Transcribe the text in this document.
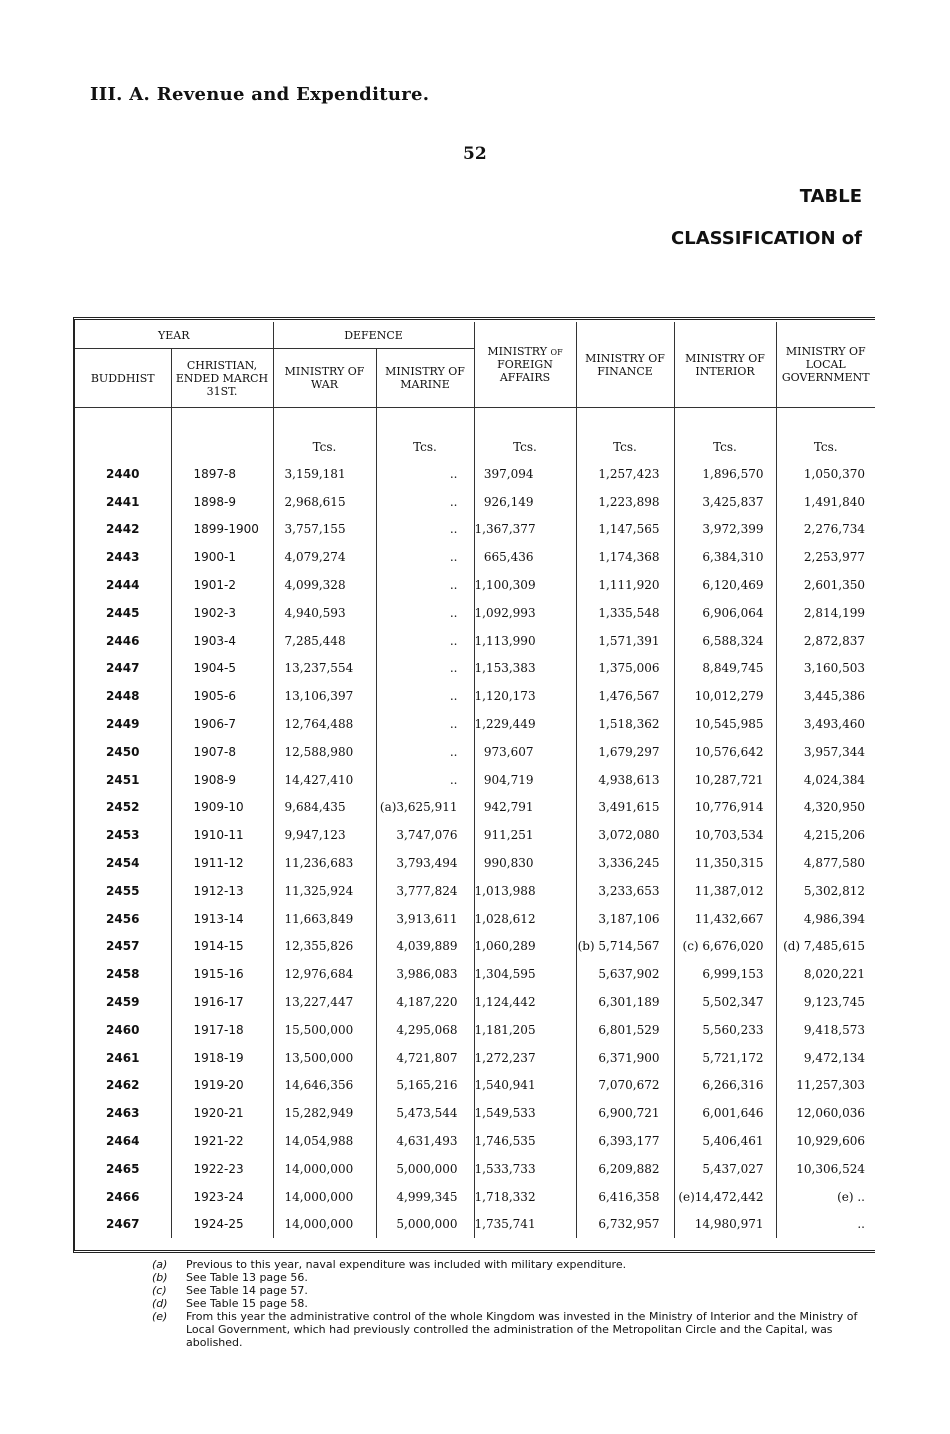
III. A. Revenue and Expenditure.
52
TABLE
CLASSIFICATION of
YEAR		DEFENCE		MINISTRY of FOREIGN AFFAIRS	MINISTRY OF FINANCE	MINISTRY OF INTERIOR	MINISTRY OF LOCAL GOVERNMENT
BUDDHIST	CHRISTIAN, ENDED MARCH 31ST.	MINISTRY OF WAR	MINISTRY OF MARINE				

		Tcs.	Tcs.	Tcs.	Tcs.	Tcs.	Tcs.
2440	1897-8	3,159,181	..	397,094	1,257,423	1,896,570	1,050,370
2441	1898-9	2,968,615	..	926,149	1,223,898	3,425,837	1,491,840
2442	1899-1900	3,757,155	..	1,367,377	1,147,565	3,972,399	2,276,734
2443	1900-1	4,079,274	..	665,436	1,174,368	6,384,310	2,253,977
2444	1901-2	4,099,328	..	1,100,309	1,111,920	6,120,469	2,601,350
2445	1902-3	4,940,593	..	1,092,993	1,335,548	6,906,064	2,814,199
2446	1903-4	7,285,448	..	1,113,990	1,571,391	6,588,324	2,872,837
2447	1904-5	13,237,554	..	1,153,383	1,375,006	8,849,745	3,160,503
2448	1905-6	13,106,397	..	1,120,173	1,476,567	10,012,279	3,445,386
2449	1906-7	12,764,488	..	1,229,449	1,518,362	10,545,985	3,493,460
2450	1907-8	12,588,980	..	973,607	1,679,297	10,576,642	3,957,344
2451	1908-9	14,427,410	..	904,719	4,938,613	10,287,721	4,024,384
2452	1909-10	9,684,435	(a)3,625,911	942,791	3,491,615	10,776,914	4,320,950
2453	1910-11	9,947,123	3,747,076	911,251	3,072,080	10,703,534	4,215,206
2454	1911-12	11,236,683	3,793,494	990,830	3,336,245	11,350,315	4,877,580
2455	1912-13	11,325,924	3,777,824	1,013,988	3,233,653	11,387,012	5,302,812
2456	1913-14	11,663,849	3,913,611	1,028,612	3,187,106	11,432,667	4,986,394
2457	1914-15	12,355,826	4,039,889	1,060,289	(b) 5,714,567	(c) 6,676,020	(d) 7,485,615
2458	1915-16	12,976,684	3,986,083	1,304,595	5,637,902	6,999,153	8,020,221
2459	1916-17	13,227,447	4,187,220	1,124,442	6,301,189	5,502,347	9,123,745
2460	1917-18	15,500,000	4,295,068	1,181,205	6,801,529	5,560,233	9,418,573
2461	1918-19	13,500,000	4,721,807	1,272,237	6,371,900	5,721,172	9,472,134
2462	1919-20	14,646,356	5,165,216	1,540,941	7,070,672	6,266,316	11,257,303
2463	1920-21	15,282,949	5,473,544	1,549,533	6,900,721	6,001,646	12,060,036
2464	1921-22	14,054,988	4,631,493	1,746,535	6,393,177	5,406,461	10,929,606
2465	1922-23	14,000,000	5,000,000	1,533,733	6,209,882	5,437,027	10,306,524
2466	1923-24	14,000,000	4,999,345	1,718,332	6,416,358	(e)14,472,442	(e) ..
2467	1924-25	14,000,000	5,000,000	1,735,741	6,732,957	14,980,971	..
(a)	Previous to this year, naval expenditure was included with military expenditure.
(b)	See Table 13 page 56.
(c)	See Table 14 page 57.
(d)	See Table 15 page 58.
(e)	From this year the administrative control of the whole Kingdom was invested in the Ministry of Interior and the Ministry of Local Government, which had previously controlled the administration of the Metropolitan Circle and the Capital, was abolished.
